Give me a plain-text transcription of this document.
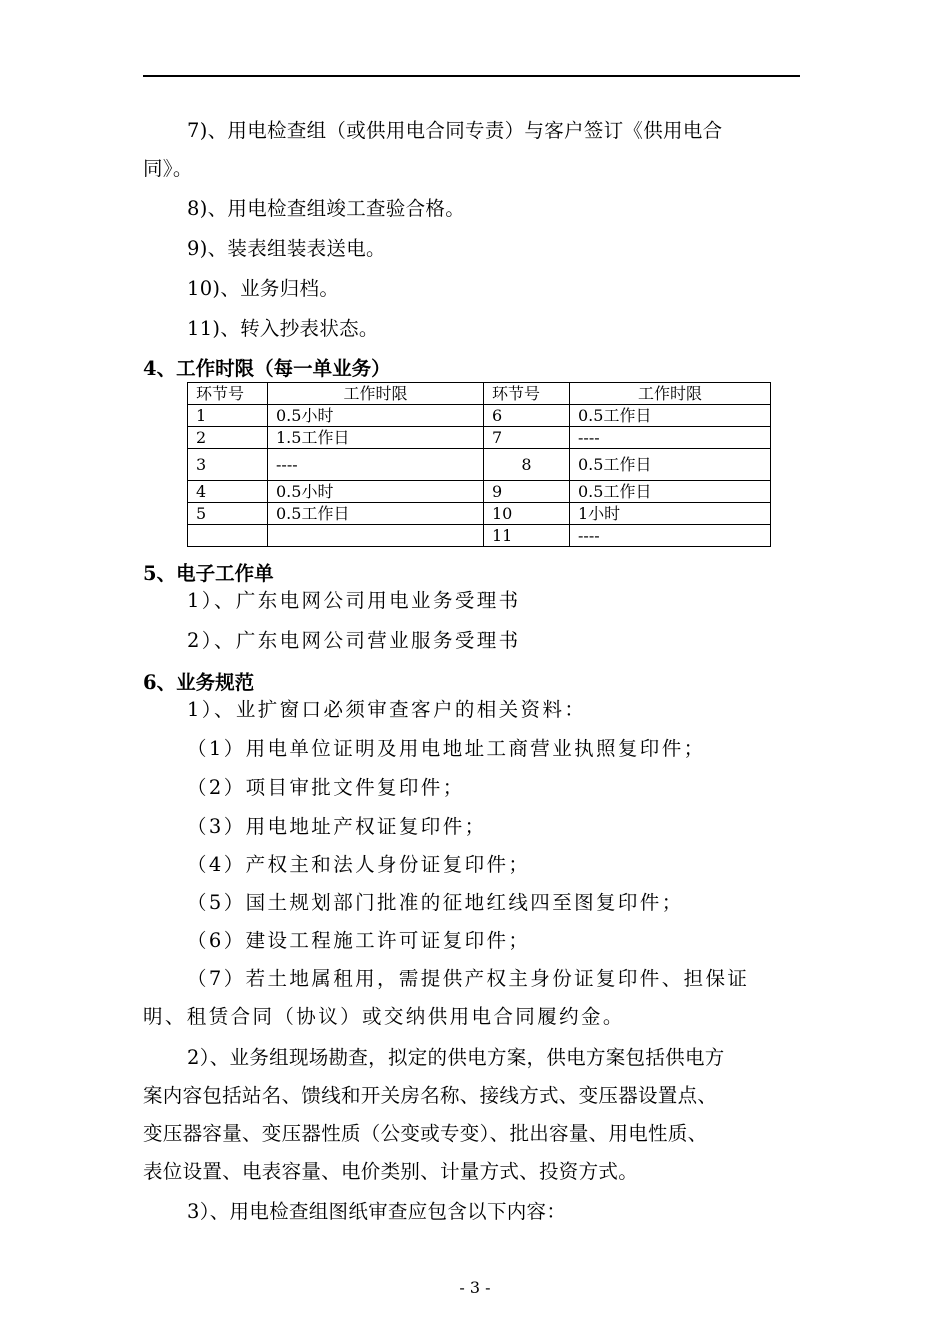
7)、用电检查组（或供用电合同专责）与客户签订《供用电合
同》。
8)、用电检查组竣工查验合格。
9)、装表组装表送电。
10)、业务归档。
11)、转入抄表状态。
4、工作时限（每一单业务）
环节号	工作时限	环节号	工作时限
1	0.5小时	6	0.5工作日
2	1.5工作日	7	----
3	----	8	0.5工作日
4	0.5小时	9	0.5工作日
5	0.5工作日	10	1小时
		11	----
5、电子工作单
1）、广东电网公司用电业务受理书
2）、广东电网公司营业服务受理书
6、业务规范
1）、业扩窗口必须审查客户的相关资料：
（1）用电单位证明及用电地址工商营业执照复印件；
（2）项目审批文件复印件；
（3）用电地址产权证复印件；
（4）产权主和法人身份证复印件；
（5）国土规划部门批准的征地红线四至图复印件；
（6）建设工程施工许可证复印件；
（7）若土地属租用，需提供产权主身份证复印件、担保证
明、租赁合同（协议）或交纳供用电合同履约金。
2）、业务组现场勘查，拟定的供电方案，供电方案包括供电方
案内容包括站名、馈线和开关房名称、接线方式、变压器设置点、
变压器容量、变压器性质（公变或专变）、批出容量、用电性质、
表位设置、电表容量、电价类别、计量方式、投资方式。
3）、用电检查组图纸审查应包含以下内容：
- 3 -
